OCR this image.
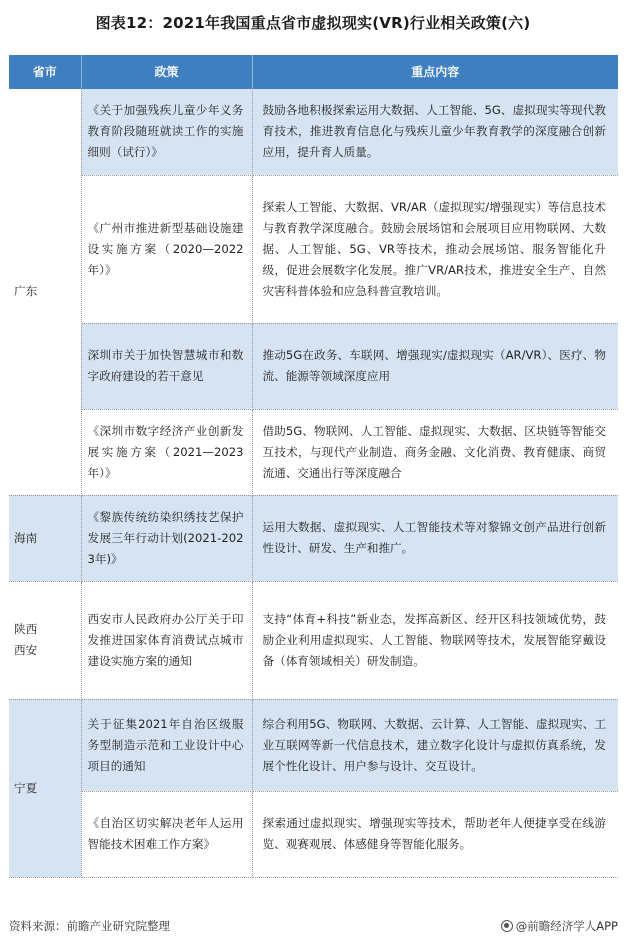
图表12：2021年我国重点省市虚拟现实(VR)行业相关政策(六)
省市	政策	重点内容
广东	《关于加强残疾儿童少年义务教育阶段随班就读工作的实施细则（试行）》	鼓励各地积极探索运用大数据、人工智能、5G、虚拟现实等现代教育技术，推进教育信息化与残疾儿童少年教育教学的深度融合创新应用，提升育人质量。
	《广州市推进新型基础设施建设实施方案（2020—2022年）》	探索人工智能、大数据、VR/AR（虚拟现实/增强现实）等信息技术与教育教学深度融合。鼓励会展场馆和会展项目应用物联网、大数据、人工智能、5G、VR等技术，推动会展场馆、服务智能化升级，促进会展数字化发展。推广VR/AR技术，推进安全生产、自然灾害科普体验和应急科普宣教培训。
	深圳市关于加快智慧城市和数字政府建设的若干意见	推动5G在政务、车联网、增强现实/虚拟现实（AR/VR）、医疗、物流、能源等领域深度应用
	《深圳市数字经济产业创新发展实施方案（2021—2023年）》	借助5G、物联网、人工智能、虚拟现实、大数据、区块链等智能交互技术，与现代产业制造、商务金融、文化消费、教育健康、商贸流通、交通出行等深度融合
海南	《黎族传统纺染织绣技艺保护发展三年行动计划(2021-2023年)》	运用大数据、虚拟现实、人工智能技术等对黎锦文创产品进行创新性设计、研发、生产和推广。

陕西西安	西安市人民政府办公厅关于印发推进国家体育消费试点城市建设实施方案的通知	支持“体育+科技”新业态，发挥高新区、经开区科技领域优势，鼓励企业利用虚拟现实、人工智能、物联网等技术，发展智能穿戴设备（体育领域相关）研发制造。
宁夏	关于征集2021年自治区级服务型制造示范和工业设计中心项目的通知	综合利用5G、物联网、大数据、云计算、人工智能、虚拟现实、工业互联网等新一代信息技术，建立数字化设计与虚拟仿真系统，发展个性化设计、用户参与设计、交互设计。
	《自治区切实解决老年人运用智能技术困难工作方案》	探索通过虚拟现实、增强现实等技术，帮助老年人便捷享受在线游览、观赛观展、体感健身等智能化服务。
资料来源：前瞻产业研究院整理	@前瞻经济学人APP
